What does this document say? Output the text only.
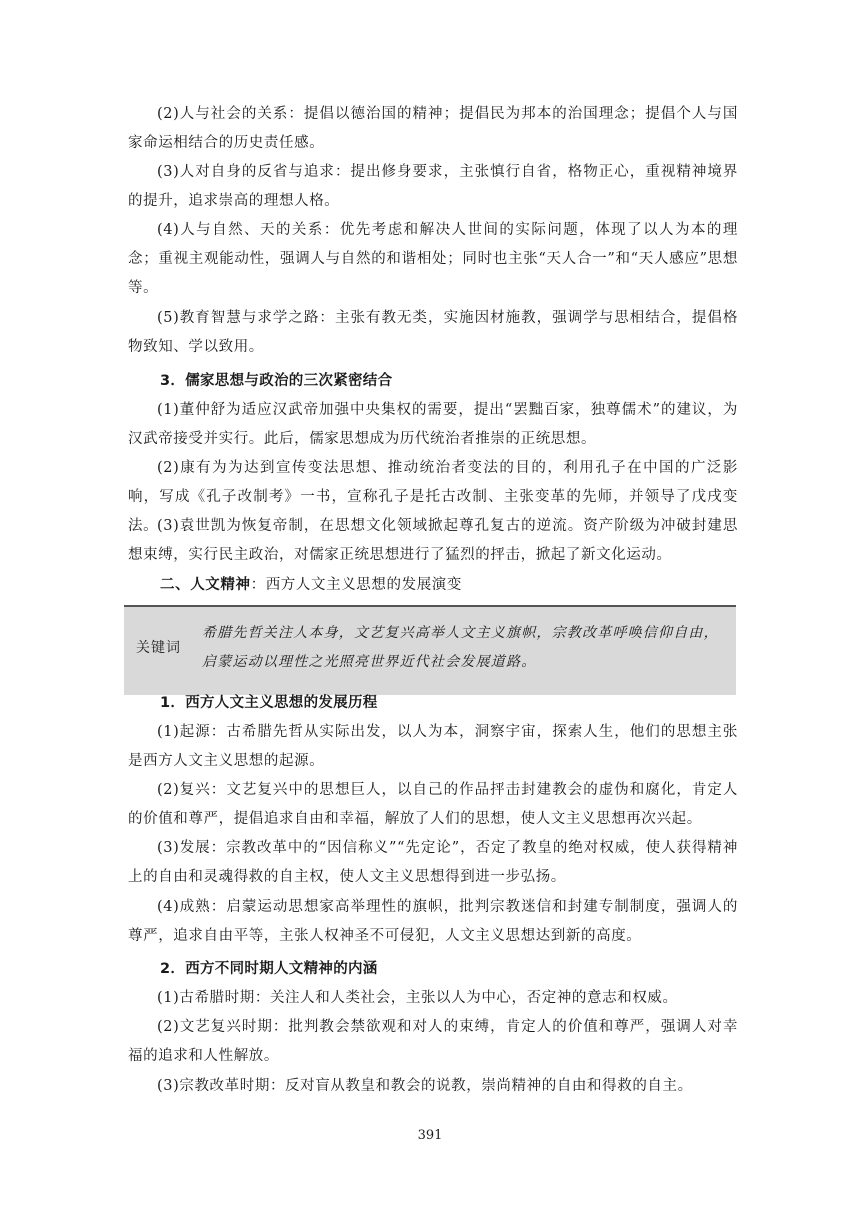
(2)人与社会的关系：提倡以德治国的精神；提倡民为邦本的治国理念；提倡个人与国家命运相结合的历史责任感。

(3)人对自身的反省与追求：提出修身要求，主张慎行自省，格物正心，重视精神境界的提升，追求崇高的理想人格。

(4)人与自然、天的关系：优先考虑和解决人世间的实际问题，体现了以人为本的理念；重视主观能动性，强调人与自然的和谐相处；同时也主张“天人合一”和“天人感应”思想等。

(5)教育智慧与求学之路：主张有教无类，实施因材施教，强调学与思相结合，提倡格物致知、学以致用。

3．儒家思想与政治的三次紧密结合

(1)董仲舒为适应汉武帝加强中央集权的需要，提出“罢黜百家，独尊儒术”的建议，为汉武帝接受并实行。此后，儒家思想成为历代统治者推崇的正统思想。

(2)康有为为达到宣传变法思想、推动统治者变法的目的，利用孔子在中国的广泛影响，写成《孔子改制考》一书，宣称孔子是托古改制、主张变革的先师，并领导了戊戌变法。

(3)袁世凯为恢复帝制，在思想文化领域掀起尊孔复古的逆流。资产阶级为冲破封建思想束缚，实行民主政治，对儒家正统思想进行了猛烈的抨击，掀起了新文化运动。

二、人文精神：西方人文主义思想的发展演变
关键词
希腊先哲关注人本身，文艺复兴高举人文主义旗帜，宗教改革呼唤信仰自由，启蒙运动以理性之光照亮世界近代社会发展道路。
1．西方人文主义思想的发展历程

(1)起源：古希腊先哲从实际出发，以人为本，洞察宇宙，探索人生，他们的思想主张是西方人文主义思想的起源。

(2)复兴：文艺复兴中的思想巨人，以自己的作品抨击封建教会的虚伪和腐化，肯定人的价值和尊严，提倡追求自由和幸福，解放了人们的思想，使人文主义思想再次兴起。

(3)发展：宗教改革中的“因信称义”“先定论”，否定了教皇的绝对权威，使人获得精神上的自由和灵魂得救的自主权，使人文主义思想得到进一步弘扬。

(4)成熟：启蒙运动思想家高举理性的旗帜，批判宗教迷信和封建专制制度，强调人的尊严，追求自由平等，主张人权神圣不可侵犯，人文主义思想达到新的高度。

2．西方不同时期人文精神的内涵

(1)古希腊时期：关注人和人类社会，主张以人为中心，否定神的意志和权威。

(2)文艺复兴时期：批判教会禁欲观和对人的束缚，肯定人的价值和尊严，强调人对幸福的追求和人性解放。

(3)宗教改革时期：反对盲从教皇和教会的说教，崇尚精神的自由和得救的自主。

391
